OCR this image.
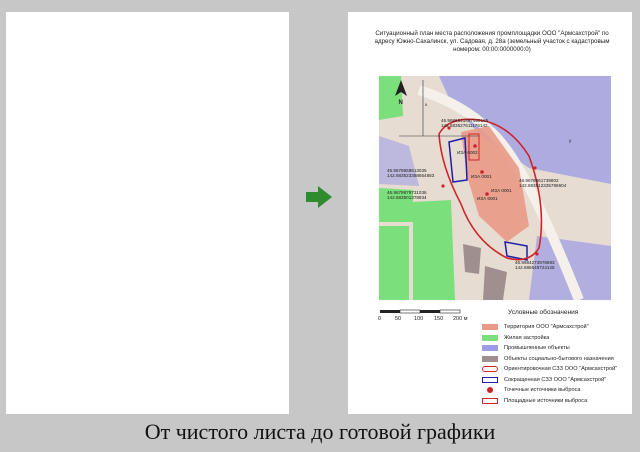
Ситуационный план места расположения промплощадки ООО "Армсахстрой" по
адресу Южно-Сахалинск, ул. Садовая, д. 28а (земельный участок с кадастровым
номером: 00:00:0000000:0)
x
y
N
ИЗА 6002
ИЗА 0001
ИЗА 0001
ИЗА 6001
46.9686641497565165 142.683527611176142
46.9678861739802 142.683512335798604
46.9679869613035 142.683523388654883
46.9679879731036 142.683501378934
46.9684273978683 142.686549724128
0	50 100 150 200 м
Условные обозначения
Территория ООО "Армсахстрой"
Жилая застройка
Промышленные объекты
Объекты социально-бытового назначения
Ориентировочная СЗЗ ООО "Армсахстрой"
Сокращенная СЗЗ ООО "Армсахстрой"
Точечные источники выброса
Площадные источники выброса
От чистого листа до готовой графики
